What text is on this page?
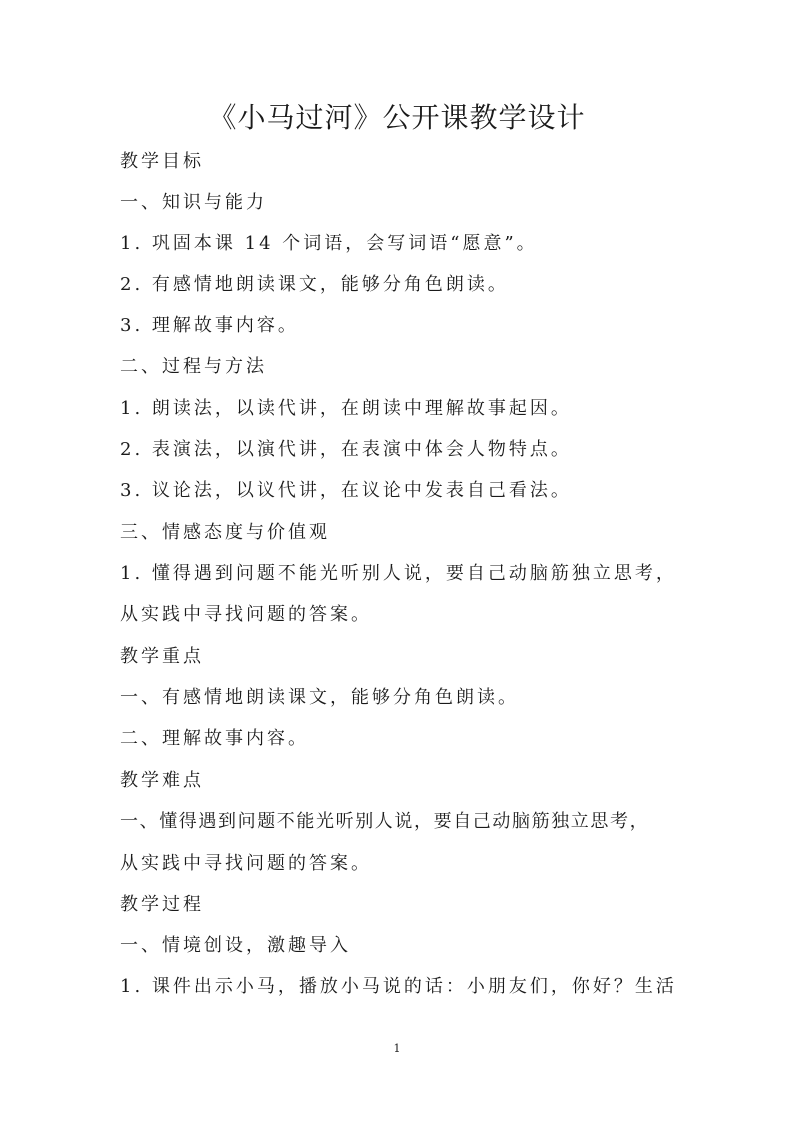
《小马过河》公开课教学设计
教学目标
一、知识与能力
1. 巩固本课 14 个词语，会写词语“愿意”。
2. 有感情地朗读课文，能够分角色朗读。
3. 理解故事内容。
二、过程与方法
1. 朗读法，以读代讲，在朗读中理解故事起因。
2. 表演法，以演代讲，在表演中体会人物特点。
3. 议论法，以议代讲，在议论中发表自己看法。
三、情感态度与价值观
1. 懂得遇到问题不能光听别人说，要自己动脑筋独立思考，
从实践中寻找问题的答案。
教学重点
一、有感情地朗读课文，能够分角色朗读。
二、理解故事内容。
教学难点
一、懂得遇到问题不能光听别人说，要自己动脑筋独立思考，
从实践中寻找问题的答案。
教学过程
一、情境创设，激趣导入
1. 课件出示小马，播放小马说的话：小朋友们，你好？生活
1
